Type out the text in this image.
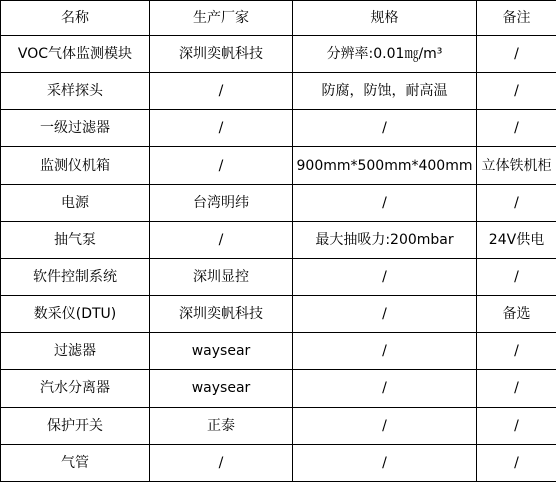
名称	生产厂家	规格	备注
VOC气体监测模块	深圳奕帆科技	分辨率:0.01㎎/m³	/
采样探头	/	防腐，防蚀，耐高温	/
一级过滤器	/	/	/
监测仪机箱	/	900mm*500mm*400mm	立体铁机柜
电源	台湾明纬	/	/
抽气泵	/	最大抽吸力:200mbar	24V供电
软件控制系统	深圳显控	/	/
数采仪(DTU)	深圳奕帆科技	/	备选
过滤器	waysear	/	/
汽水分离器	waysear	/	/
保护开关	正泰	/	/
气管	/	/	/
